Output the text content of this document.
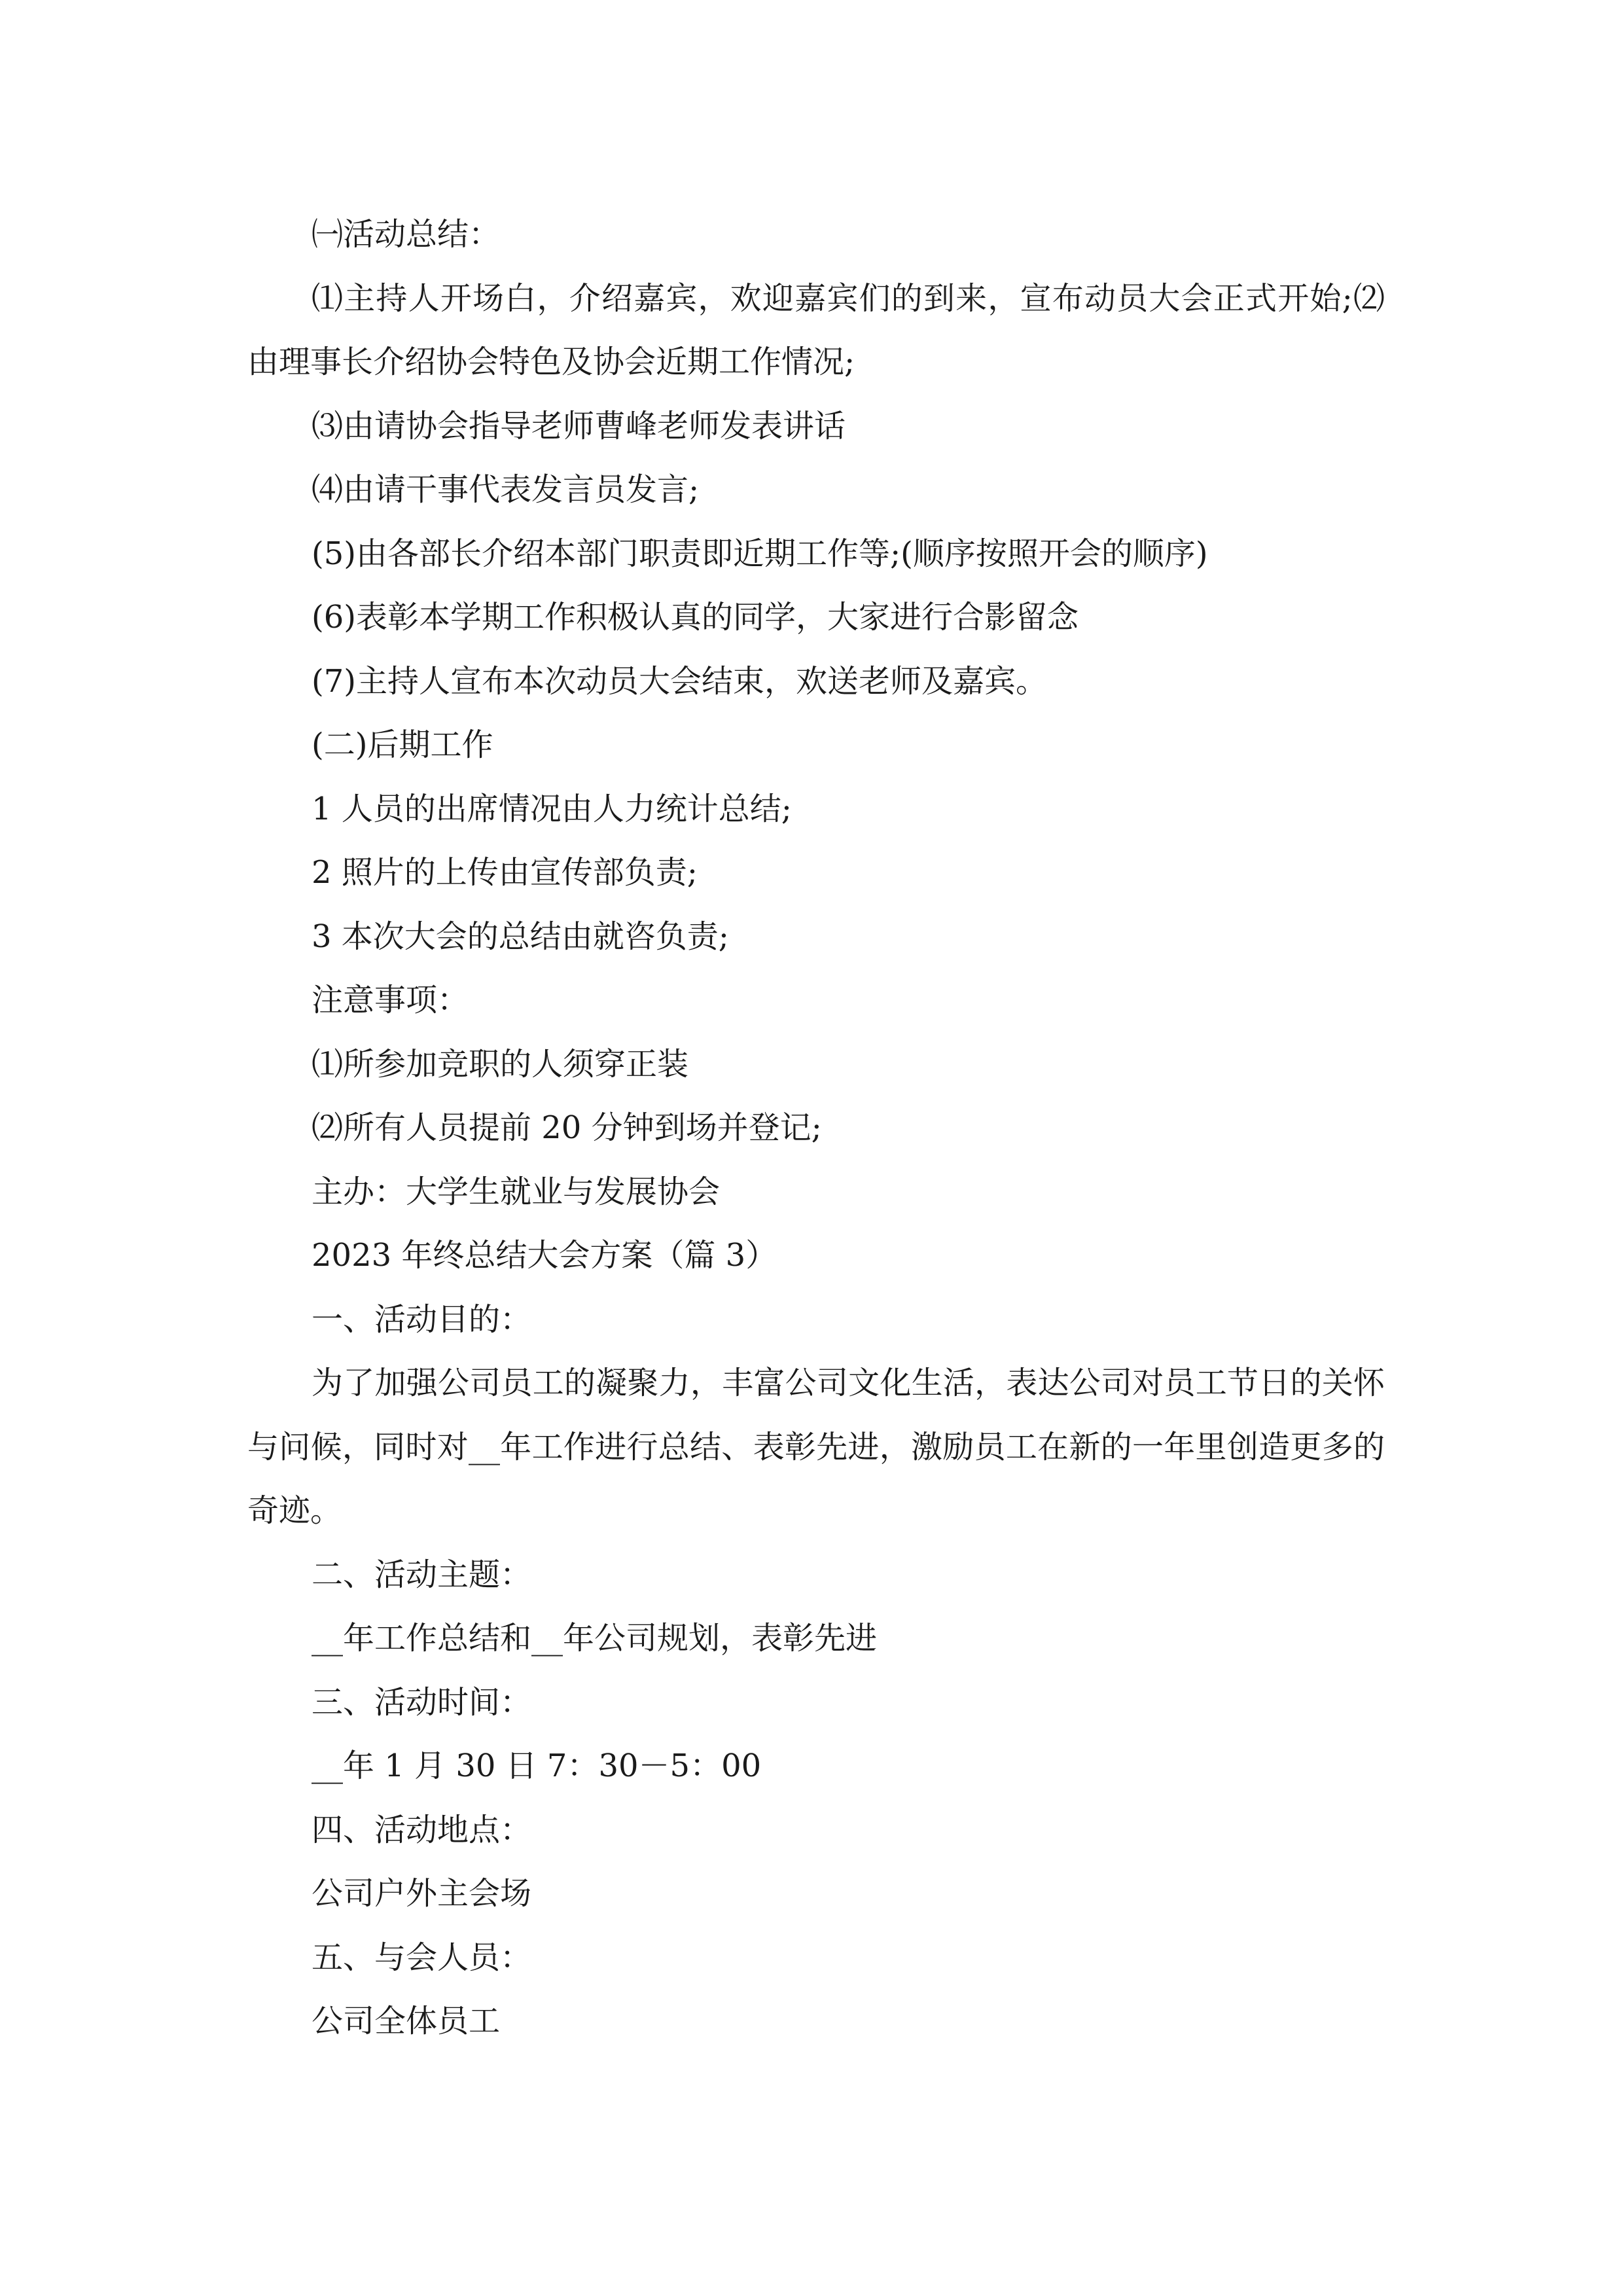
㈠活动总结：

⑴主持人开场白，介绍嘉宾，欢迎嘉宾们的到来，宣布动员大会正式开始;⑵由理事长介绍协会特色及协会近期工作情况;

⑶由请协会指导老师曹峰老师发表讲话

⑷由请干事代表发言员发言;

(5)由各部长介绍本部门职责即近期工作等;(顺序按照开会的顺序)

(6)表彰本学期工作积极认真的同学，大家进行合影留念

(7)主持人宣布本次动员大会结束，欢送老师及嘉宾。

(二)后期工作

1 人员的出席情况由人力统计总结;

2 照片的上传由宣传部负责;

3 本次大会的总结由就咨负责;

注意事项：

⑴所参加竞职的人须穿正装

⑵所有人员提前 20 分钟到场并登记;

主办：大学生就业与发展协会

2023 年终总结大会方案（篇 3）

一、活动目的：

为了加强公司员工的凝聚力，丰富公司文化生活，表达公司对员工节日的关怀与问候，同时对__年工作进行总结、表彰先进，激励员工在新的一年里创造更多的奇迹。

二、活动主题：

__年工作总结和__年公司规划，表彰先进

三、活动时间：

__年 1 月 30 日 7：30－5：00

四、活动地点：

公司户外主会场

五、与会人员：

公司全体员工
